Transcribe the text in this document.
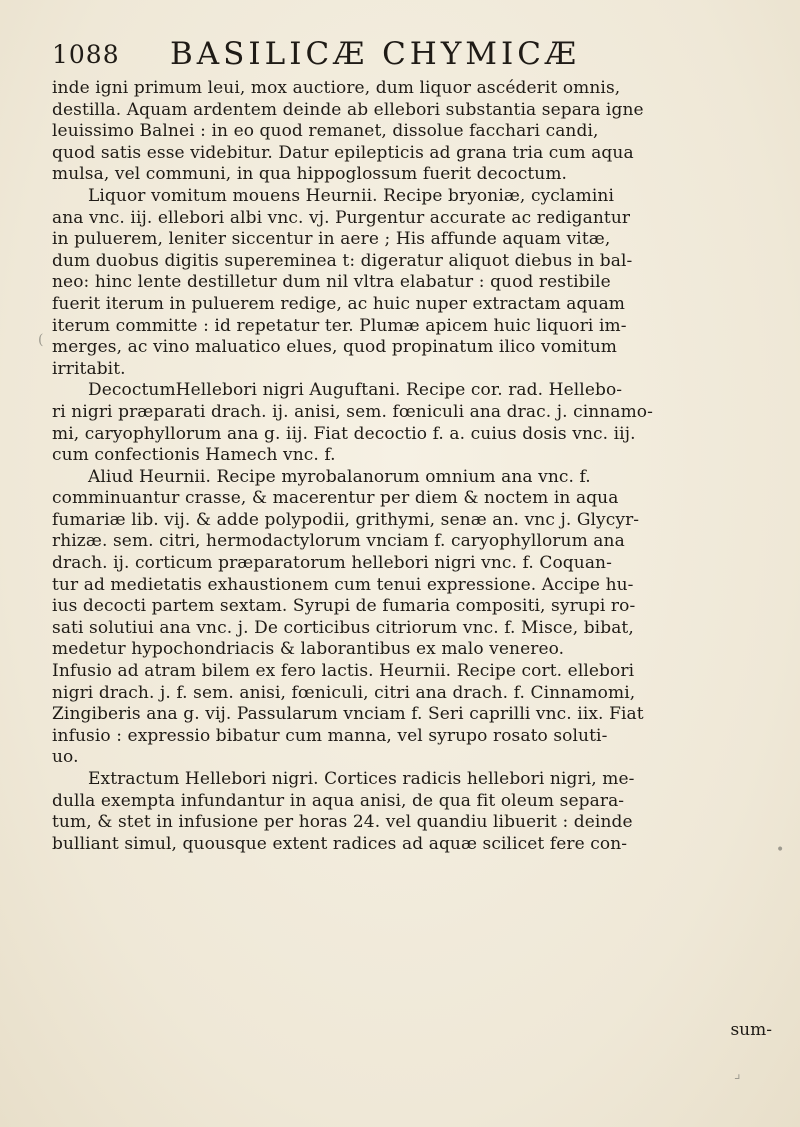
1088 BASILICÆ CHYMICÆ
inde igni primum leui, mox auctiore, dum liquor ascéderit omnis,
destilla. Aquam ardentem deinde ab ellebori substantia separa igne
leuissimo Balnei : in eo quod remanet, dissolue facchari candi,
quod satis esse videbitur. Datur epilepticis ad grana tria cum aqua
mulsa, vel communi, in qua hippoglossum fuerit decoctum.
Liquor vomitum mouens Heurnii. Recipe bryoniæ, cyclamini
ana vnc. iij. ellebori albi vnc. vj. Purgentur accurate ac redigantur
in puluerem, leniter siccentur in aere ; His affunde aquam vitæ,
dum duobus digitis supereminea t: digeratur aliquot diebus in bal-
neo: hinc lente destilletur dum nil vltra elabatur : quod restibile
fuerit iterum in puluerem redige, ac huic nuper extractam aquam
iterum committe : id repetatur ter. Plumæ apicem huic liquori im-
merges, ac vino maluatico elues, quod propinatum ilico vomitum
irritabit.
DecoctumHellebori nigri Auguftani. Recipe cor. rad. Hellebo-
ri nigri præparati drach. ij. anisi, sem. fœniculi ana drac. j. cinnamo-
mi, caryophyllorum ana g. iij. Fiat decoctio f. a. cuius dosis vnc. iij.
cum confectionis Hamech vnc. f.
Aliud Heurnii. Recipe myrobalanorum omnium ana vnc. f.
comminuantur crasse, & macerentur per diem & noctem in aqua
fumariæ lib. vij. & adde polypodii, grithymi, senæ an. vnc j. Glycyr-
rhizæ. sem. citri, hermodactylorum vnciam f. caryophyllorum ana
drach. ij. corticum præparatorum hellebori nigri vnc. f. Coquan-
tur ad medietatis exhaustionem cum tenui expressione. Accipe hu-
ius decocti partem sextam. Syrupi de fumaria compositi, syrupi ro-
sati solutiui ana vnc. j. De corticibus citriorum vnc. f. Misce, bibat,
medetur hypochondriacis & laborantibus ex malo venereo.
Infusio ad atram bilem ex fero lactis. Heurnii. Recipe cort. ellebori
nigri drach. j. f. sem. anisi, fœniculi, citri ana drach. f. Cinnamomi,
Zingiberis ana g. vij. Passularum vnciam f. Seri caprilli vnc. iix. Fiat
infusio : expressio bibatur cum manna, vel syrupo rosato soluti-
uo.
Extractum Hellebori nigri. Cortices radicis hellebori nigri, me-
dulla exempta infundantur in aqua anisi, de qua fit oleum separa-
tum, & stet in infusione per horas 24. vel quandiu libuerit : deinde
bulliant simul, quousque extent radices ad aquæ scilicet fere con-
sum-
(
•
⌟
